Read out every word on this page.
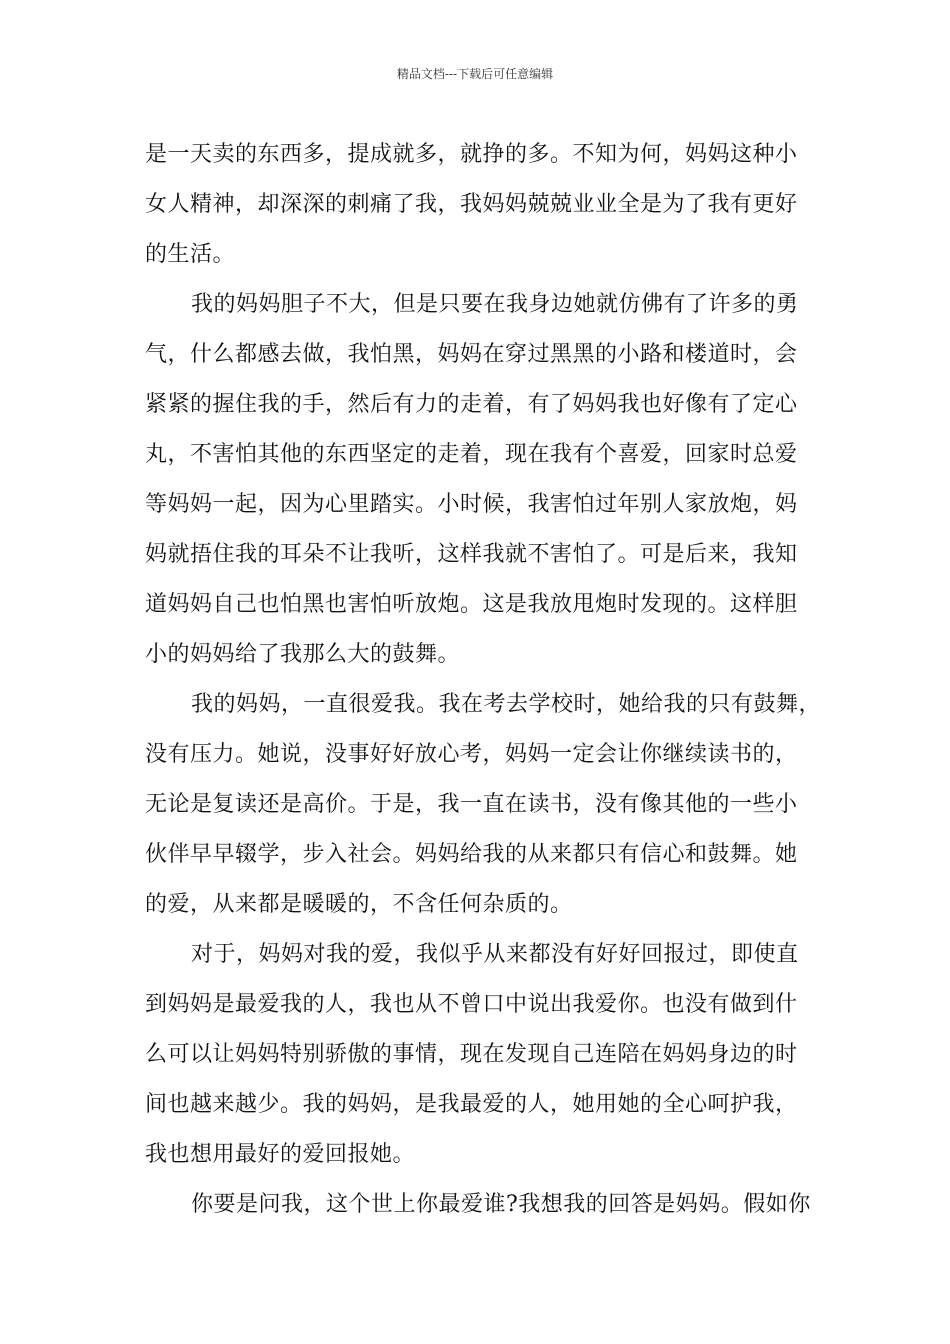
精品文档---下载后可任意编辑

是一天卖的东西多，提成就多，就挣的多。不知为何，妈妈这种小
女人精神，却深深的刺痛了我，我妈妈兢兢业业全是为了我有更好
的生活。

我的妈妈胆子不大，但是只要在我身边她就仿佛有了许多的勇
气，什么都感去做，我怕黑，妈妈在穿过黑黑的小路和楼道时，会
紧紧的握住我的手，然后有力的走着，有了妈妈我也好像有了定心
丸，不害怕其他的东西坚定的走着，现在我有个喜爱，回家时总爱
等妈妈一起，因为心里踏实。小时候，我害怕过年别人家放炮，妈
妈就捂住我的耳朵不让我听，这样我就不害怕了。可是后来，我知
道妈妈自己也怕黑也害怕听放炮。这是我放甩炮时发现的。这样胆
小的妈妈给了我那么大的鼓舞。

我的妈妈，一直很爱我。我在考去学校时，她给我的只有鼓舞，
没有压力。她说，没事好好放心考，妈妈一定会让你继续读书的，
无论是复读还是高价。于是，我一直在读书，没有像其他的一些小
伙伴早早辍学，步入社会。妈妈给我的从来都只有信心和鼓舞。她
的爱，从来都是暖暖的，不含任何杂质的。

对于，妈妈对我的爱，我似乎从来都没有好好回报过，即使直
到妈妈是最爱我的人，我也从不曾口中说出我爱你。也没有做到什
么可以让妈妈特别骄傲的事情，现在发现自己连陪在妈妈身边的时
间也越来越少。我的妈妈，是我最爱的人，她用她的全心呵护我，
我也想用最好的爱回报她。

你要是问我，这个世上你最爱谁?我想我的回答是妈妈。假如你
